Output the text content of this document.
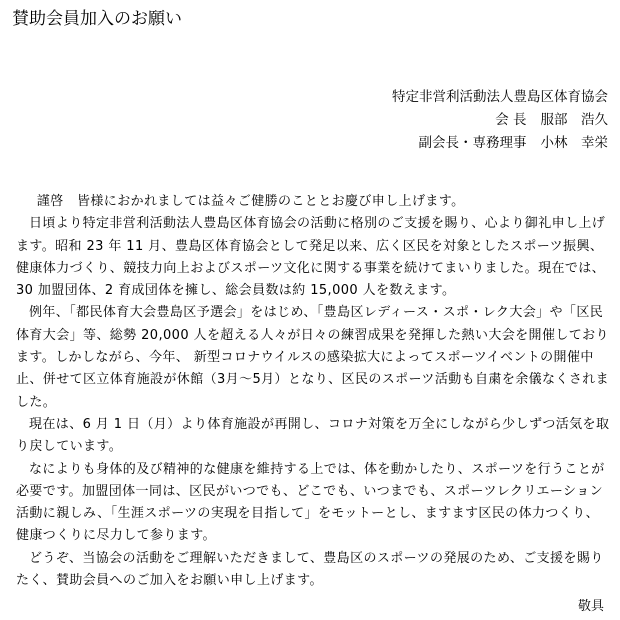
賛助会員加入のお願い
特定非営利活動法人豊島区体育協会
会 長 服部　浩久
副会長・専務理事 小林　幸栄

謹啓　皆様におかれましては益々ご健勝のこととお慶び申し上げます。

日頃より特定非営利活動法人豊島区体育協会の活動に格別のご支援を賜り、心より御礼申し上げます。昭和 23 年 11 月、豊島区体育協会として発足以来、広く区民を対象としたスポーツ振興、健康体力づくり、競技力向上およびスポーツ文化に関する事業を続けてまいりました。現在では、30 加盟団体、2 育成団体を擁し、総会員数は約 15,000 人を数えます。

例年、「都民体育大会豊島区予選会」をはじめ、「豊島区レディース・スポ・レク大会」や「区民体育大会」等、総勢 20,000 人を超える人々が日々の練習成果を発揮した熱い大会を開催しております。しかしながら、今年、 新型コロナウイルスの感染拡大によってスポーツイベントの開催中止、併せて区立体育施設が休館（3月～5月）となり、区民のスポーツ活動も自粛を余儀なくされました。

現在は、6 月 1 日（月）より体育施設が再開し、コロナ対策を万全にしながら少しずつ活気を取り戻しています。

なによりも身体的及び精神的な健康を維持する上では、体を動かしたり、スポーツを行うことが必要です。加盟団体一同は、区民がいつでも、どこでも、いつまでも、スポーツレクリエーション活動に親しみ、「生涯スポーツの実現を目指して」をモットーとし、ますます区民の体力つくり、健康つくりに尽力して参ります。

どうぞ、当協会の活動をご理解いただきまして、豊島区のスポーツの発展のため、ご支援を賜りたく、賛助会員へのご加入をお願い申し上げます。

敬具
